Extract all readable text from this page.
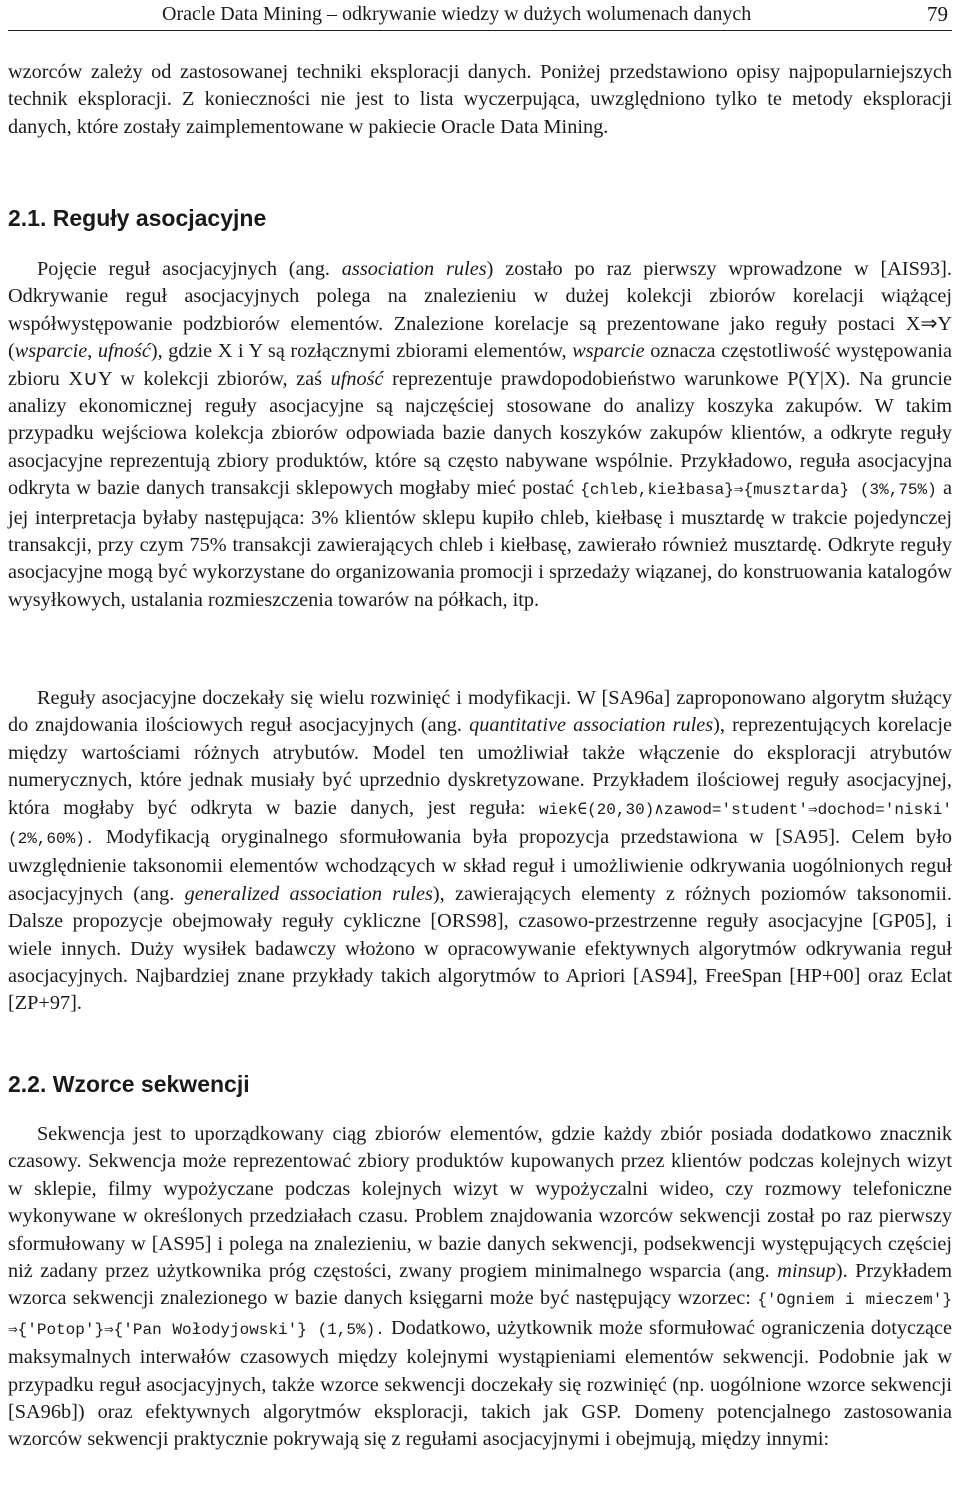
Oracle Data Mining – odkrywanie wiedzy w dużych wolumenach danych	79

wzorców zależy od zastosowanej techniki eksploracji danych. Poniżej przedstawiono opisy najpopularniejszych technik eksploracji. Z konieczności nie jest to lista wyczerpująca, uwzględniono tylko te metody eksploracji danych, które zostały zaimplementowane w pakiecie Oracle Data Mining.

2.1. Reguły asocjacyjne

Pojęcie reguł asocjacyjnych (ang. association rules) zostało po raz pierwszy wprowadzone w [AIS93]. Odkrywanie reguł asocjacyjnych polega na znalezieniu w dużej kolekcji zbiorów korelacji wiążącej współwystępowanie podzbiorów elementów. Znalezione korelacje są prezentowane jako reguły postaci X⇒Y (wsparcie, ufność), gdzie X i Y są rozłącznymi zbiorami elementów, wsparcie oznacza częstotliwość występowania zbioru X∪Y w kolekcji zbiorów, zaś ufność reprezentuje prawdopodobieństwo warunkowe P(Y|X). Na gruncie analizy ekonomicznej reguły asocjacyjne są najczęściej stosowane do analizy koszyka zakupów. W takim przypadku wejściowa kolekcja zbiorów odpowiada bazie danych koszyków zakupów klientów, a odkryte reguły asocjacyjne reprezentują zbiory produktów, które są często nabywane wspólnie. Przykładowo, reguła asocjacyjna odkryta w bazie danych transakcji sklepowych mogłaby mieć postać {chleb,kiełbasa}⇒{musztarda} (3%,75%) a jej interpretacja byłaby następująca: 3% klientów sklepu kupiło chleb, kiełbasę i musztardę w trakcie pojedynczej transakcji, przy czym 75% transakcji zawierających chleb i kiełbasę, zawierało również musztardę. Odkryte reguły asocjacyjne mogą być wykorzystane do organizowania promocji i sprzedaży wiązanej, do konstruowania katalogów wysyłkowych, ustalania rozmieszczenia towarów na półkach, itp.

Reguły asocjacyjne doczekały się wielu rozwinięć i modyfikacji. W [SA96a] zaproponowano algorytm służący do znajdowania ilościowych reguł asocjacyjnych (ang. quantitative association rules), reprezentujących korelacje między wartościami różnych atrybutów. Model ten umożliwiał także włączenie do eksploracji atrybutów numerycznych, które jednak musiały być uprzednio dyskretyzowane. Przykładem ilościowej reguły asocjacyjnej, która mogłaby być odkryta w bazie danych, jest reguła: wiek∈(20,30)∧zawod='student'⇒dochod='niski' (2%,60%). Modyfikacją oryginalnego sformułowania była propozycja przedstawiona w [SA95]. Celem było uwzględnienie taksonomii elementów wchodzących w skład reguł i umożliwienie odkrywania uogólnionych reguł asocjacyjnych (ang. generalized association rules), zawierających elementy z różnych poziomów taksonomii. Dalsze propozycje obejmowały reguły cykliczne [ORS98], czasowo-przestrzenne reguły asocjacyjne [GP05], i wiele innych. Duży wysiłek badawczy włożono w opracowywanie efektywnych algorytmów odkrywania reguł asocjacyjnych. Najbardziej znane przykłady takich algorytmów to Apriori [AS94], FreeSpan [HP+00] oraz Eclat [ZP+97].

2.2. Wzorce sekwencji

Sekwencja jest to uporządkowany ciąg zbiorów elementów, gdzie każdy zbiór posiada dodatkowo znacznik czasowy. Sekwencja może reprezentować zbiory produktów kupowanych przez klientów podczas kolejnych wizyt w sklepie, filmy wypożyczane podczas kolejnych wizyt w wypożyczalni wideo, czy rozmowy telefoniczne wykonywane w określonych przedziałach czasu. Problem znajdowania wzorców sekwencji został po raz pierwszy sformułowany w [AS95] i polega na znalezieniu, w bazie danych sekwencji, podsekwencji występujących częściej niż zadany przez użytkownika próg częstości, zwany progiem minimalnego wsparcia (ang. minsup). Przykładem wzorca sekwencji znalezionego w bazie danych księgarni może być następujący wzorzec: {'Ogniem i mieczem'}⇒{'Potop'}⇒{'Pan Wołodyjowski'} (1,5%). Dodatkowo, użytkownik może sformułować ograniczenia dotyczące maksymalnych interwałów czasowych między kolejnymi wystąpieniami elementów sekwencji. Podobnie jak w przypadku reguł asocjacyjnych, także wzorce sekwencji doczekały się rozwinięć (np. uogólnione wzorce sekwencji [SA96b]) oraz efektywnych algorytmów eksploracji, takich jak GSP. Domeny potencjalnego zastosowania wzorców sekwencji praktycznie pokrywają się z regułami asocjacyjnymi i obejmują, między innymi:
